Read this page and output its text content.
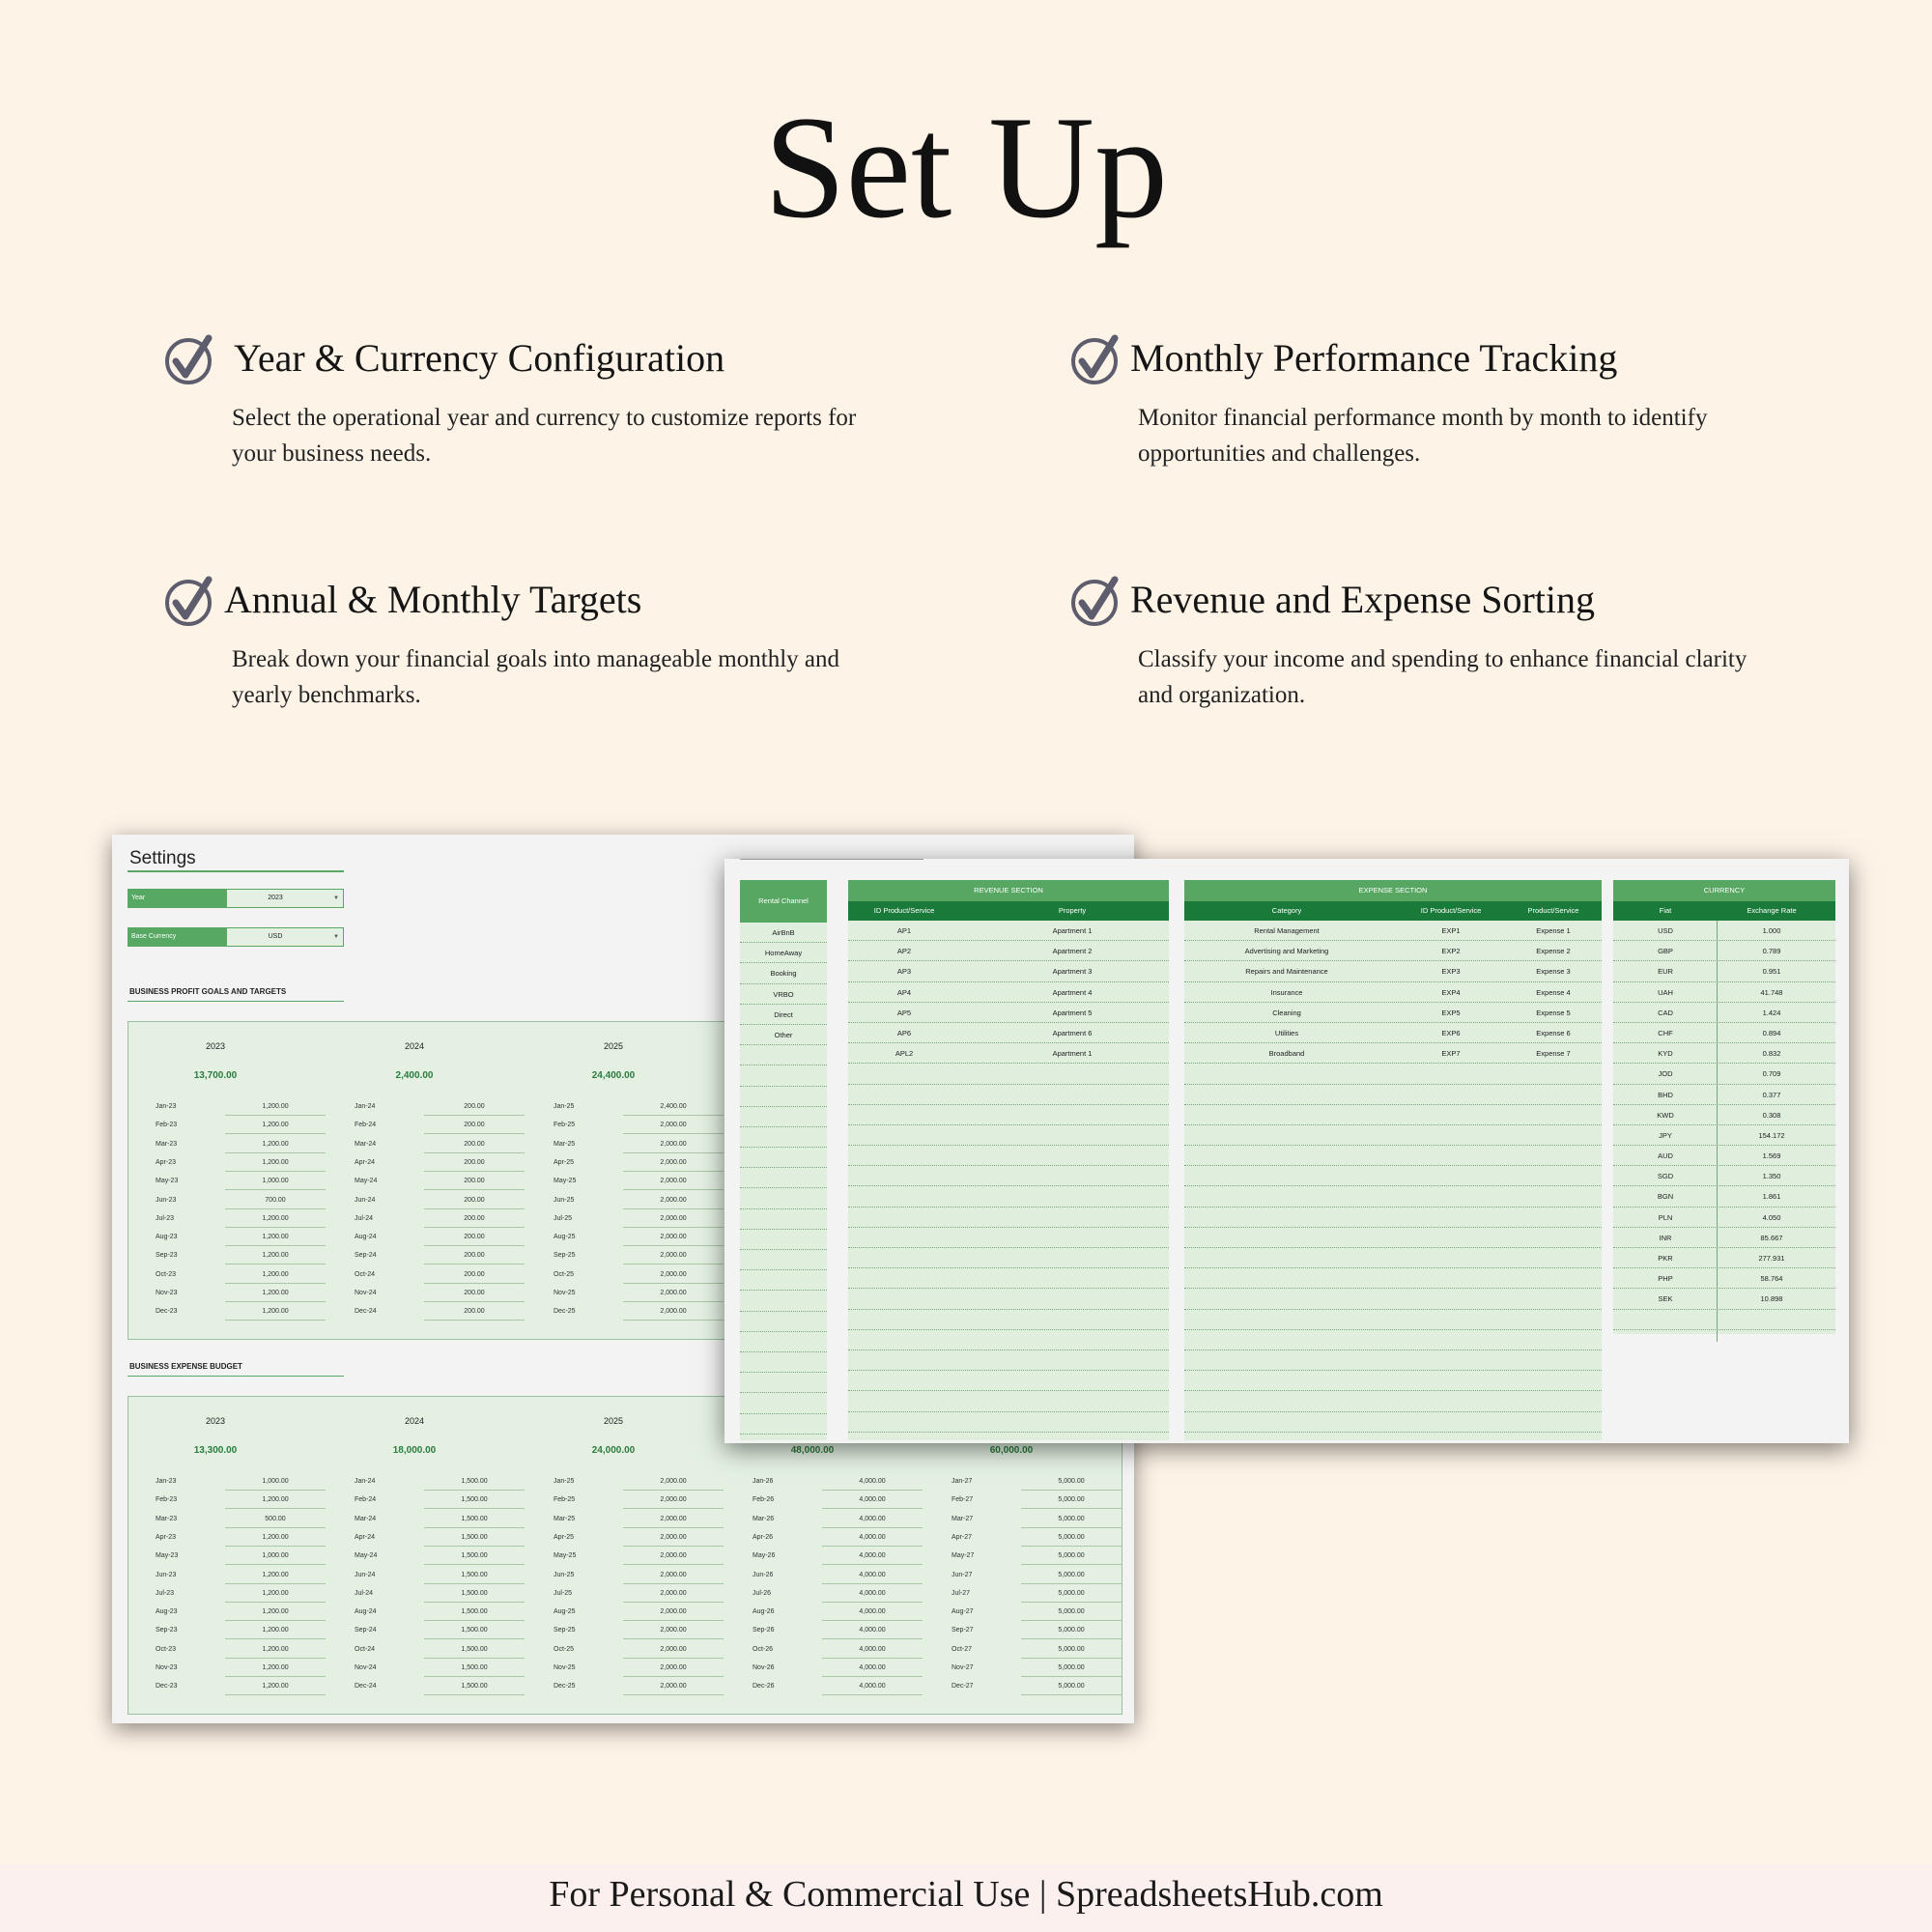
Set Up
Year & Currency Configuration

Select the operational year and currency to customize reports for your business needs.

Monthly Performance Tracking

Monitor financial performance month by month to identify opportunities and challenges.

Annual & Monthly Targets

Break down your financial goals into manageable monthly and yearly benchmarks.

Revenue and Expense Sorting

Classify your income and spending to enhance financial clarity and organization.

Settings
Year	2023	▼
Base Currency	USD	▼
BUSINESS PROFIT GOALS AND TARGETS
2023
13,700.00
Jan-23	1,200.00
Feb-23	1,200.00
Mar-23	1,200.00
Apr-23	1,200.00
May-23	1,000.00
Jun-23	700.00
Jul-23	1,200.00
Aug-23	1,200.00
Sep-23	1,200.00
Oct-23	1,200.00
Nov-23	1,200.00
Dec-23	1,200.00
2024
2,400.00
Jan-24	200.00
Feb-24	200.00
Mar-24	200.00
Apr-24	200.00
May-24	200.00
Jun-24	200.00
Jul-24	200.00
Aug-24	200.00
Sep-24	200.00
Oct-24	200.00
Nov-24	200.00
Dec-24	200.00
2025
24,400.00
Jan-25	2,400.00
Feb-25	2,000.00
Mar-25	2,000.00
Apr-25	2,000.00
May-25	2,000.00
Jun-25	2,000.00
Jul-25	2,000.00
Aug-25	2,000.00
Sep-25	2,000.00
Oct-25	2,000.00
Nov-25	2,000.00
Dec-25	2,000.00
BUSINESS EXPENSE BUDGET
2023
13,300.00
Jan-23	1,000.00
Feb-23	1,200.00
Mar-23	500.00
Apr-23	1,200.00
May-23	1,000.00
Jun-23	1,200.00
Jul-23	1,200.00
Aug-23	1,200.00
Sep-23	1,200.00
Oct-23	1,200.00
Nov-23	1,200.00
Dec-23	1,200.00
2024
18,000.00
Jan-24	1,500.00
Feb-24	1,500.00
Mar-24	1,500.00
Apr-24	1,500.00
May-24	1,500.00
Jun-24	1,500.00
Jul-24	1,500.00
Aug-24	1,500.00
Sep-24	1,500.00
Oct-24	1,500.00
Nov-24	1,500.00
Dec-24	1,500.00
2025
24,000.00
Jan-25	2,000.00
Feb-25	2,000.00
Mar-25	2,000.00
Apr-25	2,000.00
May-25	2,000.00
Jun-25	2,000.00
Jul-25	2,000.00
Aug-25	2,000.00
Sep-25	2,000.00
Oct-25	2,000.00
Nov-25	2,000.00
Dec-25	2,000.00
48,000.00
Jan-26	4,000.00
Feb-26	4,000.00
Mar-26	4,000.00
Apr-26	4,000.00
May-26	4,000.00
Jun-26	4,000.00
Jul-26	4,000.00
Aug-26	4,000.00
Sep-26	4,000.00
Oct-26	4,000.00
Nov-26	4,000.00
Dec-26	4,000.00
60,000.00
Jan-27	5,000.00
Feb-27	5,000.00
Mar-27	5,000.00
Apr-27	5,000.00
May-27	5,000.00
Jun-27	5,000.00
Jul-27	5,000.00
Aug-27	5,000.00
Sep-27	5,000.00
Oct-27	5,000.00
Nov-27	5,000.00
Dec-27	5,000.00
Rental Channel
AirBnB
HomeAway
Booking
VRBO
Direct
Other
REVENUE SECTION
ID Product/Service	Property
AP1	Apartment 1
AP2	Apartment 2
AP3	Apartment 3
AP4	Apartment 4
AP5	Apartment 5
AP6	Apartment 6
APL2	Apartment 1
EXPENSE SECTION
Category	ID Product/Service	Product/Service
Rental Management	EXP1	Expense 1
Advertising and Marketing	EXP2	Expense 2
Repairs and Maintenance	EXP3	Expense 3
Insurance	EXP4	Expense 4
Cleaning	EXP5	Expense 5
Utilities	EXP6	Expense 6
Broadband	EXP7	Expense 7
CURRENCY
Fiat	Exchange Rate
USD	1.000
GBP	0.789
EUR	0.951
UAH	41.748
CAD	1.424
CHF	0.894
KYD	0.832
JOD	0.709
BHD	0.377
KWD	0.308
JPY	154.172
AUD	1.569
SGD	1.350
BGN	1.861
PLN	4.050
INR	85.667
PKR	277.931
PHP	58.764
SEK	10.898
For Personal & Commercial Use | SpreadsheetsHub.com
